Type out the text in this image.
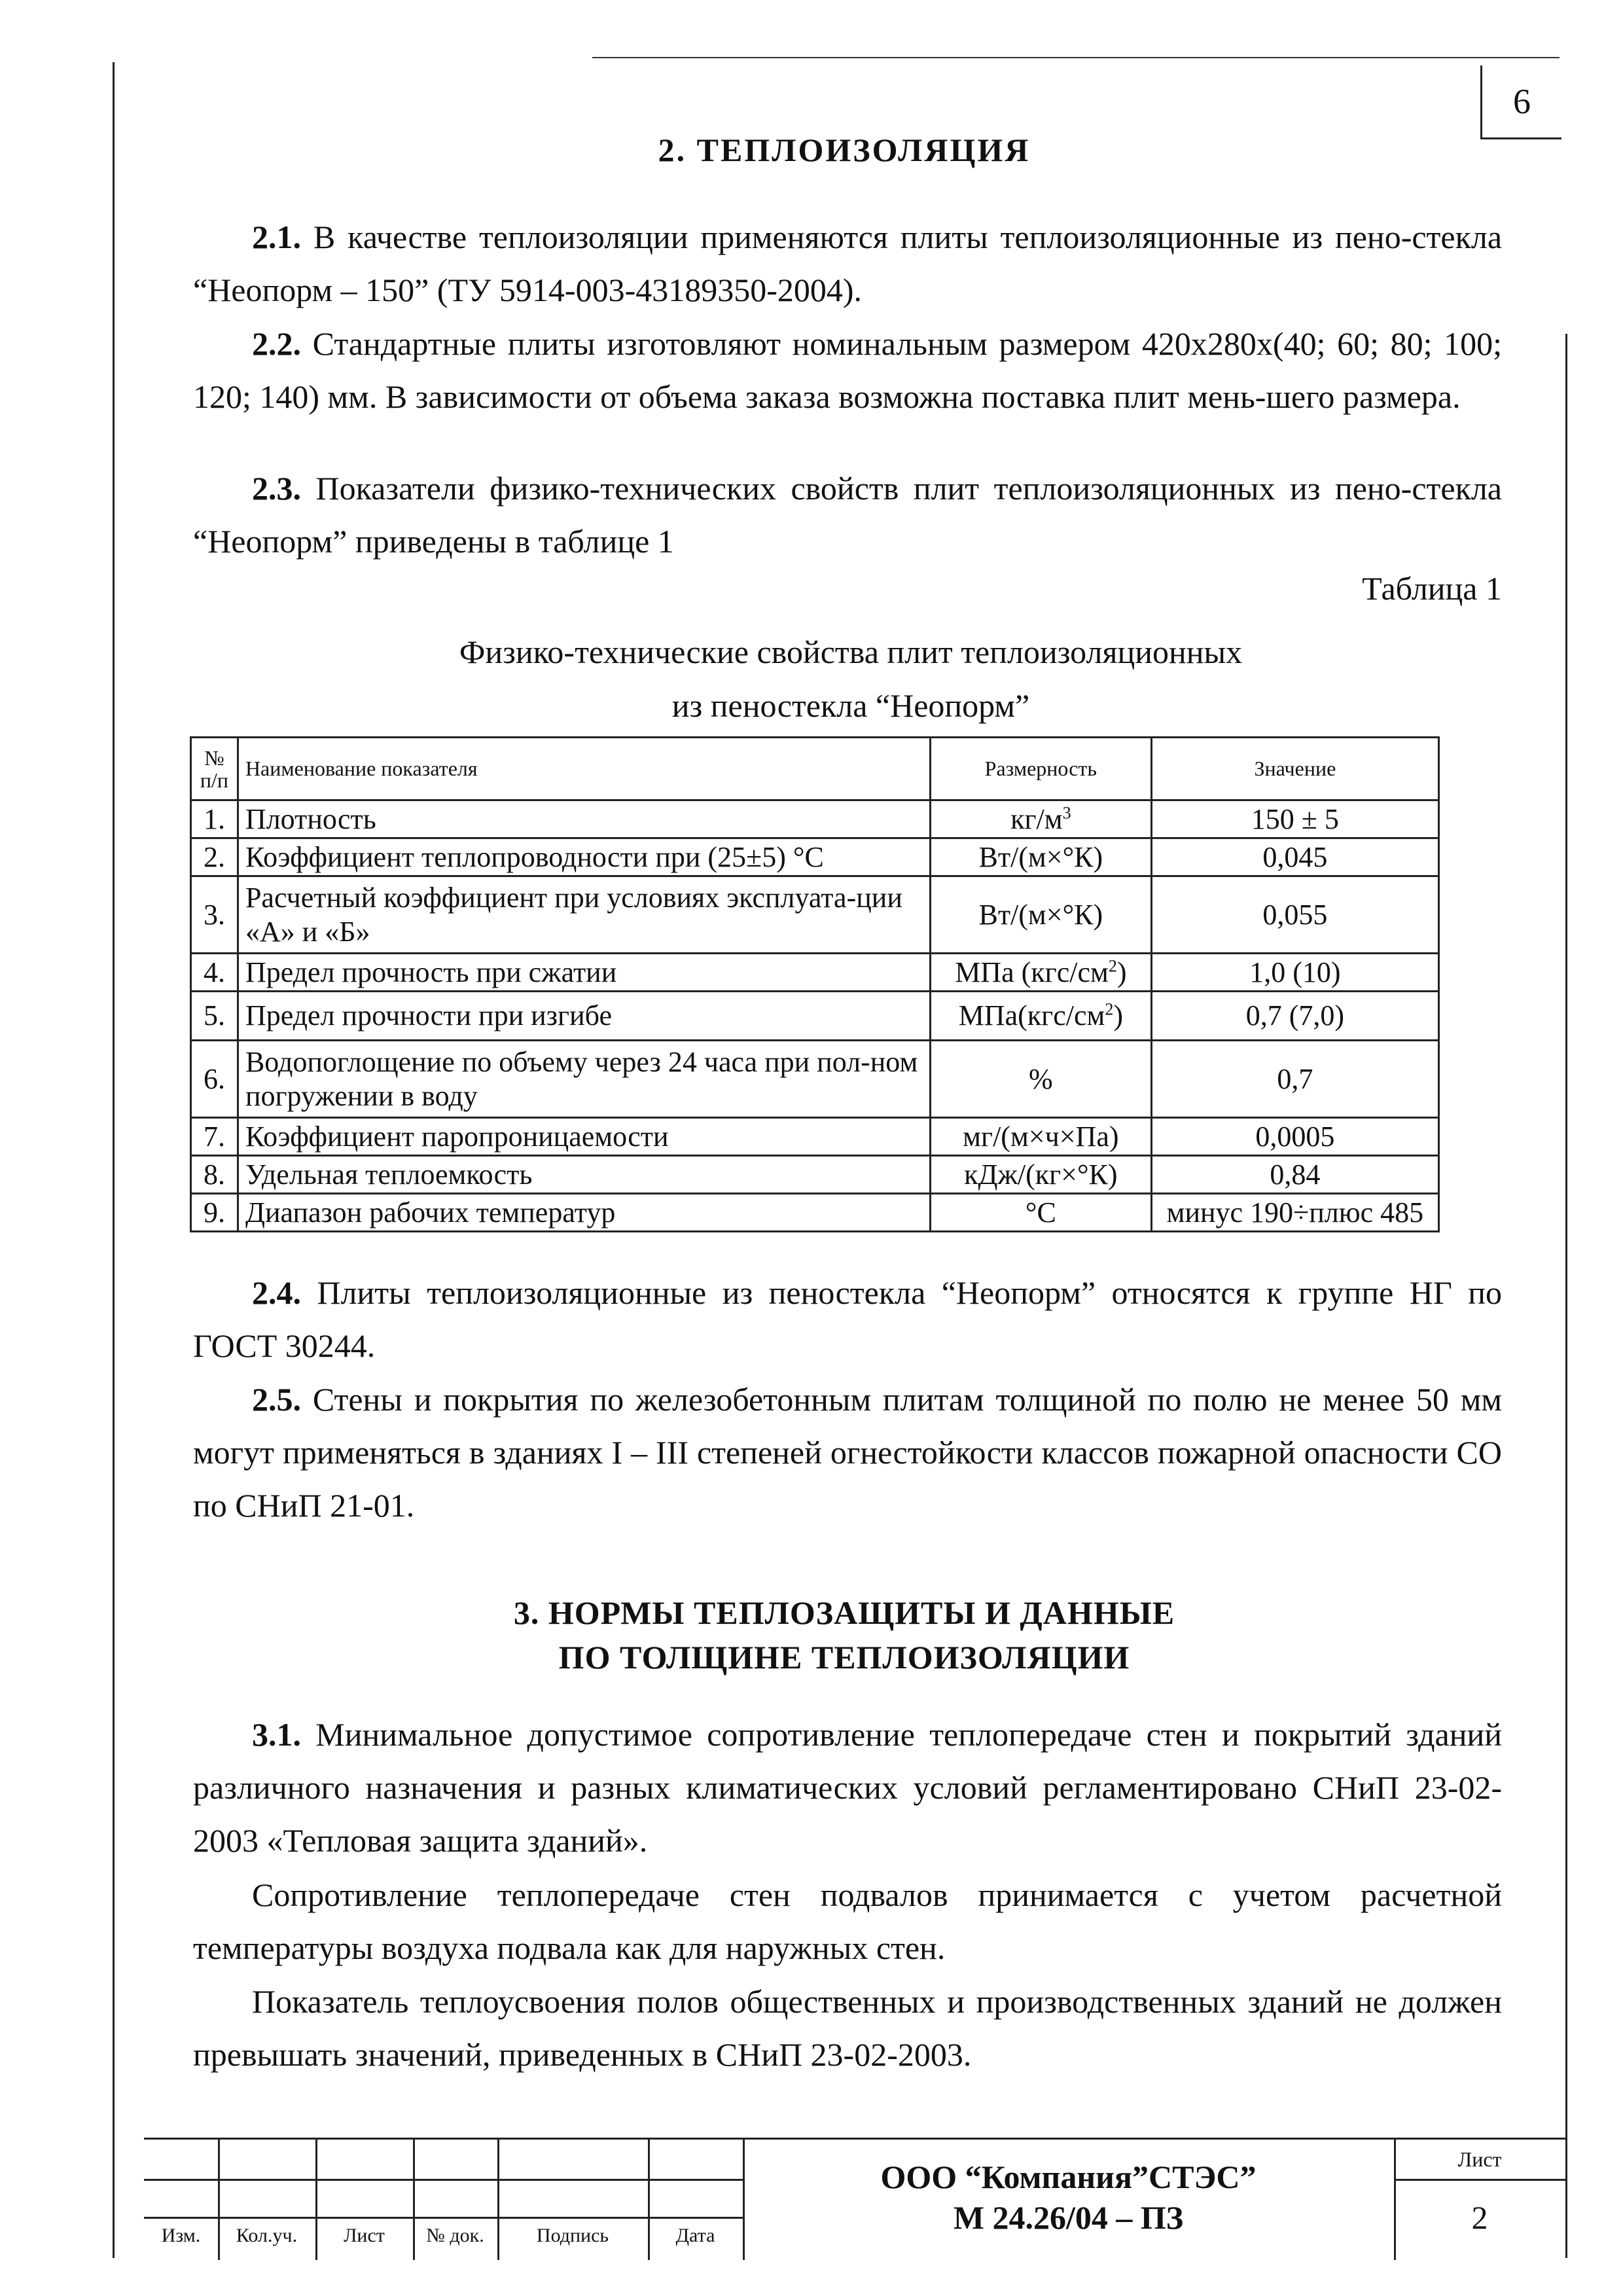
6
2. ТЕПЛОИЗОЛЯЦИЯ

2.1. В качестве теплоизоляции применяются плиты теплоизоляционные из пено-стекла “Неопорм – 150” (ТУ 5914-003-43189350-2004).

2.2. Стандартные плиты изготовляют номинальным размером 420х280х(40; 60; 80; 100; 120; 140) мм. В зависимости от объема заказа возможна поставка плит мень-шего размера.

2.3. Показатели физико-технических свойств плит теплоизоляционных из пено-стекла “Неопорм” приведены в таблице 1

Таблица 1
Физико-технические свойства плит теплоизоляционных
из пеностекла “Неопорм”
№
п/п	Наименование показателя	Размерность	Значение
1.	Плотность	$кг/м^3$	150 ± 5
2.	Коэффициент теплопроводности при (25±5) °С	Вт/(м×°К)	0,045
3.	Расчетный коэффициент при условиях эксплуата-ции «А» и «Б»	Вт/(м×°К)	0,055
4.	Предел прочность при сжатии	МПа $(кгс/см^2)$	1,0 (10)
5.	Предел прочности при изгибе	$МПа(кгс/см^2)$	0,7 (7,0)
6.	Водопоглощение по объему через 24 часа при пол-ном погружении в воду	%	0,7
7.	Коэффициент паропроницаемости	мг/(м×ч×Па)	0,0005
8.	Удельная теплоемкость	кДж/(кг×°К)	0,84
9.	Диапазон рабочих температур	°С	минус 190÷плюс 485

2.4. Плиты теплоизоляционные из пеностекла “Неопорм” относятся к группе НГ по ГОСТ 30244.

2.5. Стены и покрытия по железобетонным плитам толщиной по полю не менее 50 мм могут применяться в зданиях I – III степеней огнестойкости классов пожарной опасности СО по СНиП 21-01.

3. НОРМЫ ТЕПЛОЗАЩИТЫ И ДАННЫЕ
ПО ТОЛЩИНЕ ТЕПЛОИЗОЛЯЦИИ

3.1. Минимальное допустимое сопротивление теплопередаче стен и покрытий зданий различного назначения и разных климатических условий регламентировано СНиП 23-02-2003 «Тепловая защита зданий».

Сопротивление теплопередаче стен подвалов принимается с учетом расчетной температуры воздуха подвала как для наружных стен.

Показатель теплоусвоения полов общественных и производственных зданий не должен превышать значений, приведенных в СНиП 23-02-2003.

Изм.	Кол.уч.	Лист	№ док.	Подпись	Дата
ООО “Компания”СТЭС”
М 24.26/04 – ПЗ
Лист
2
